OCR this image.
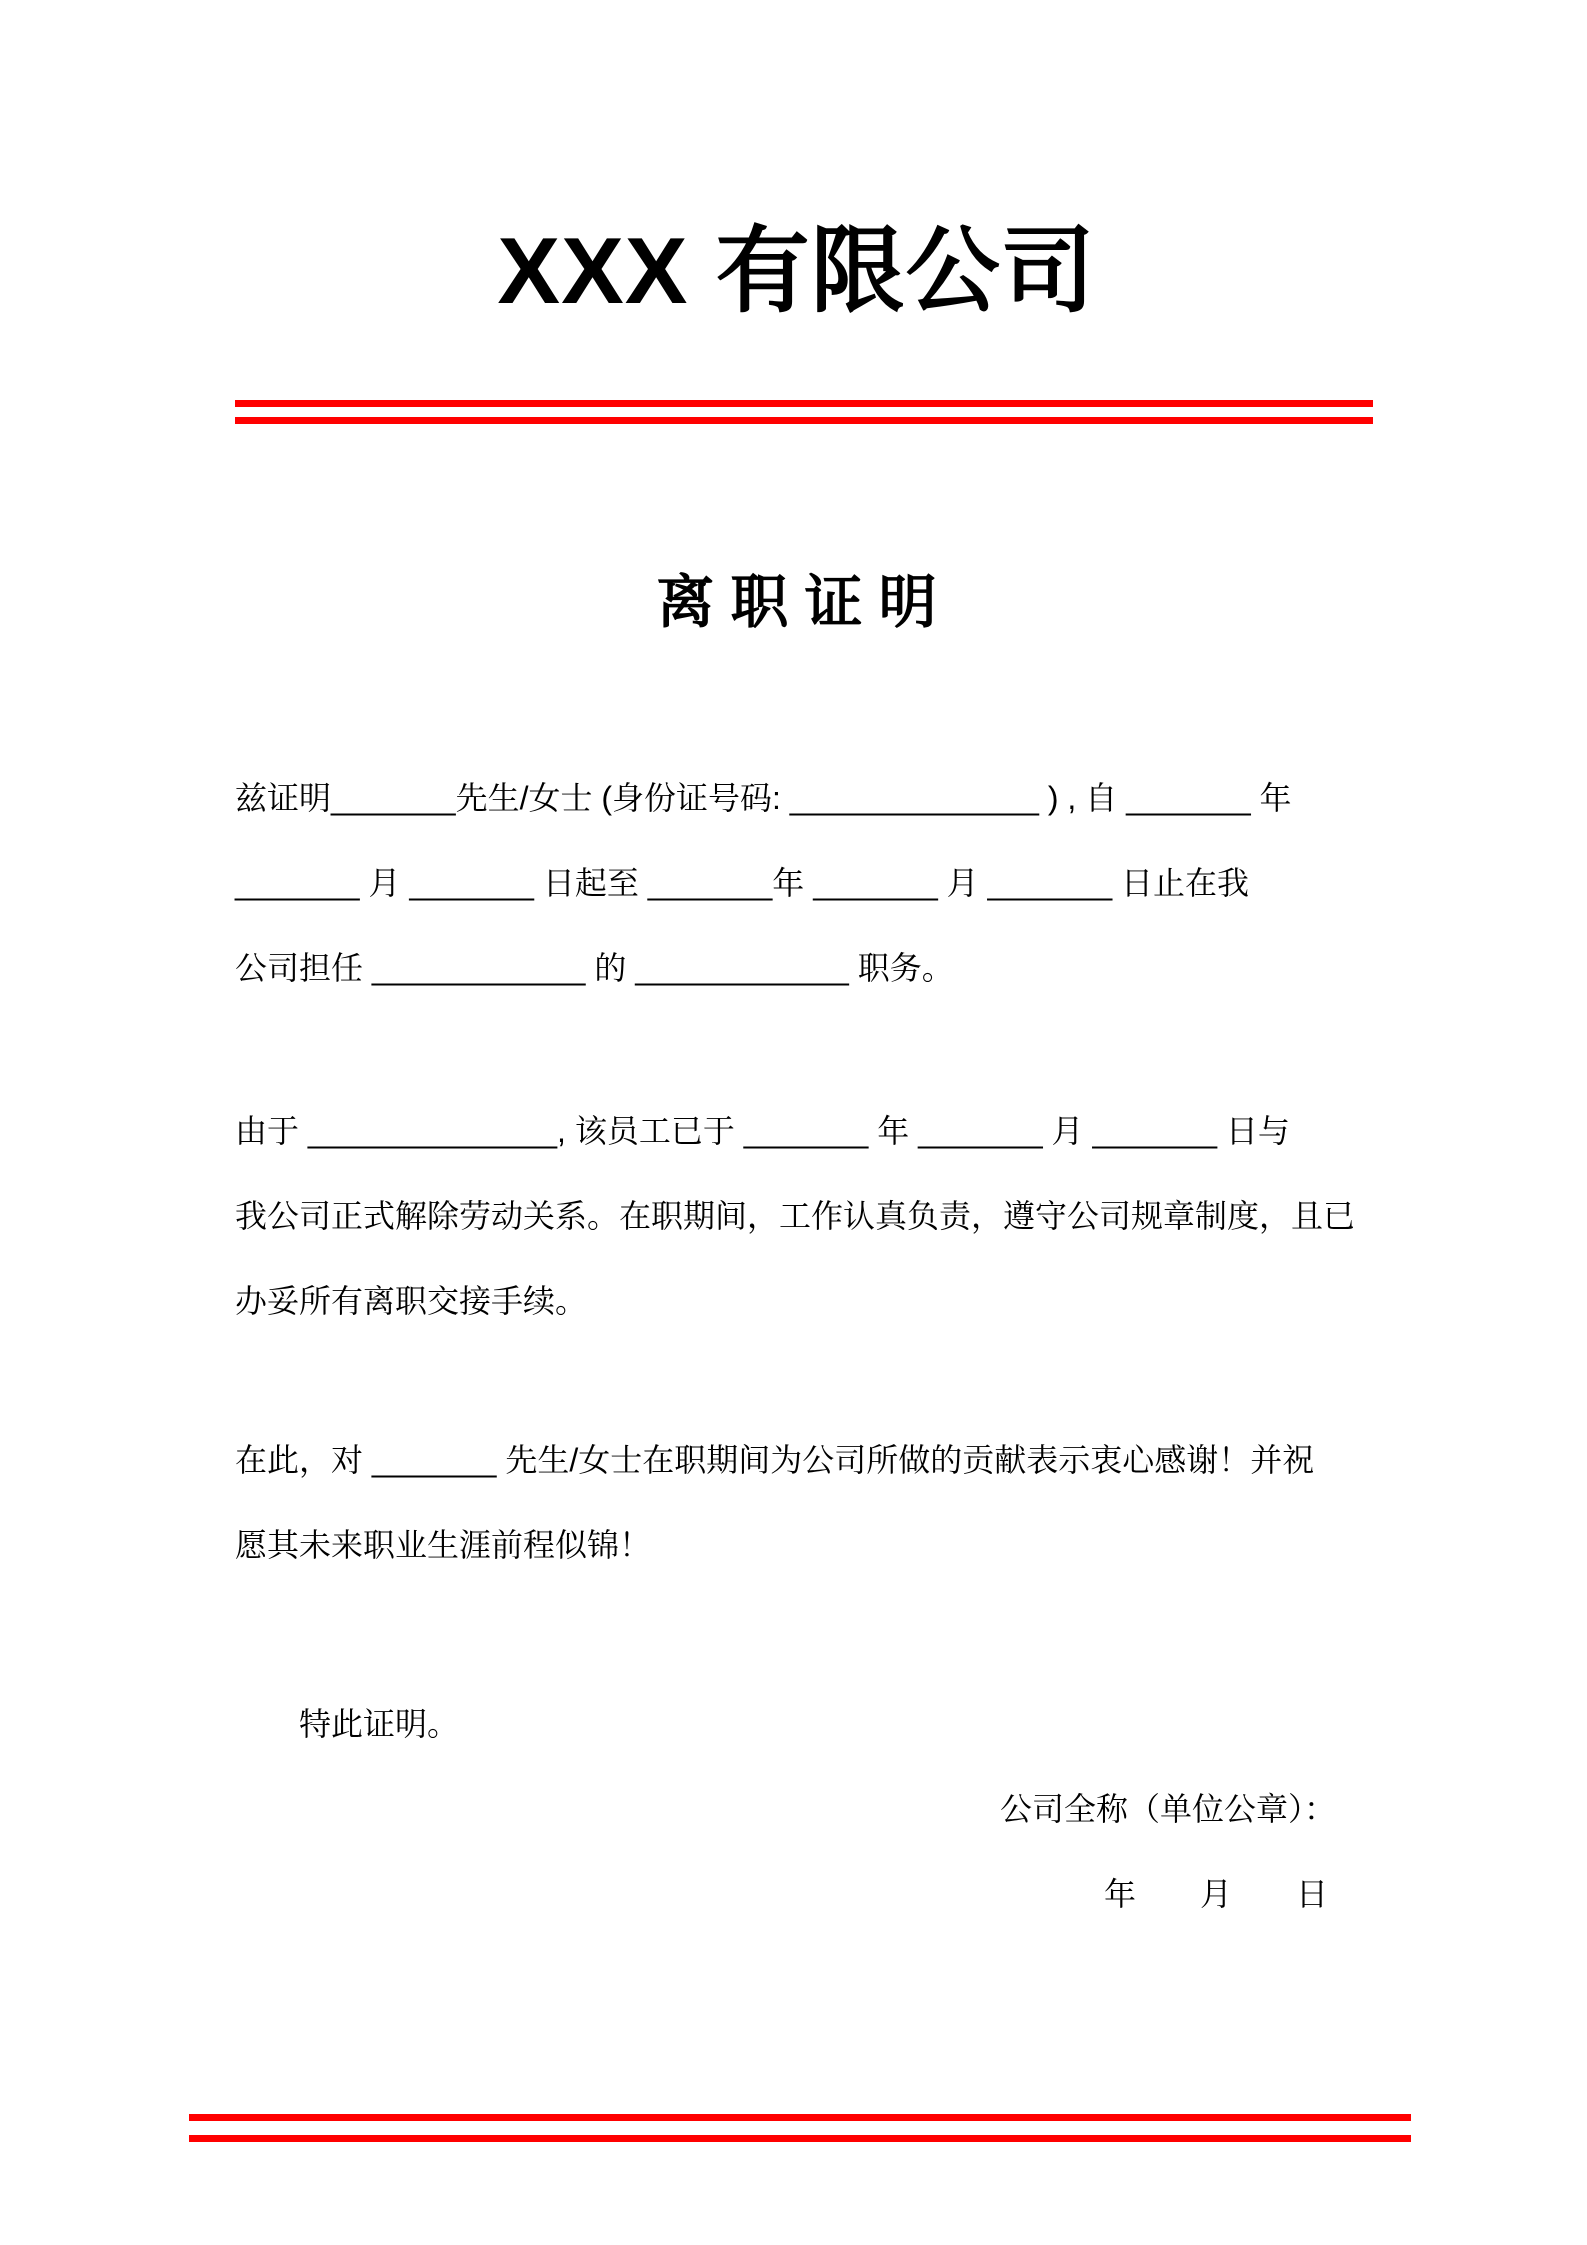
XXX 有限公司
离 职 证 明
兹证明_______先生/女士 (身份证号码: ______________ ) , 自 _______ 年
_______ 月 _______ 日起至 _______年 _______ 月 _______ 日止在我
公司担任 ____________ 的 ____________ 职务。
由于 ______________, 该员工已于 _______ 年 _______ 月 _______ 日与
我公司正式解除劳动关系。在职期间，工作认真负责，遵守公司规章制度，且已
办妥所有离职交接手续。
在此，对 _______ 先生/女士在职期间为公司所做的贡献表示衷心感谢！并祝
愿其未来职业生涯前程似锦！
特此证明。
公司全称（单位公章）：
年　　月　　日
